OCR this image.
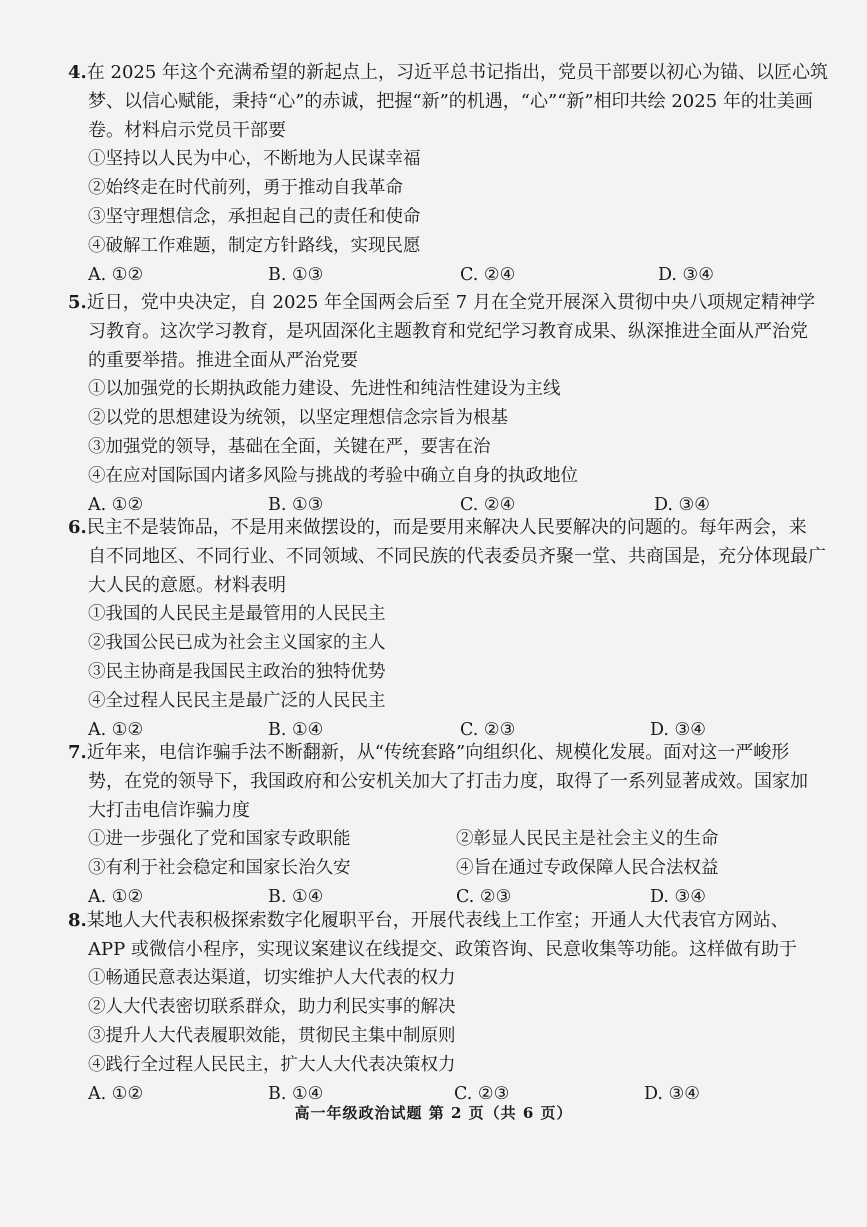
4.在 2025 年这个充满希望的新起点上，习近平总书记指出，党员干部要以初心为锚、以匠心筑
梦、以信心赋能，秉持“心”的赤诚，把握“新”的机遇，“心”“新”相印共绘 2025 年的壮美画
卷。材料启示党员干部要
①坚持以人民为中心，不断地为人民谋幸福
②始终走在时代前列，勇于推动自我革命
③坚守理想信念，承担起自己的责任和使命
④破解工作难题，制定方针路线，实现民愿
A. ①②	B. ①③	C. ②④	D. ③④
5.近日，党中央决定，自 2025 年全国两会后至 7 月在全党开展深入贯彻中央八项规定精神学
习教育。这次学习教育，是巩固深化主题教育和党纪学习教育成果、纵深推进全面从严治党
的重要举措。推进全面从严治党要
①以加强党的长期执政能力建设、先进性和纯洁性建设为主线
②以党的思想建设为统领，以坚定理想信念宗旨为根基
③加强党的领导，基础在全面，关键在严，要害在治
④在应对国际国内诸多风险与挑战的考验中确立自身的执政地位
A. ①②	B. ①③	C. ②④	D. ③④
6.民主不是装饰品，不是用来做摆设的，而是要用来解决人民要解决的问题的。每年两会，来
自不同地区、不同行业、不同领域、不同民族的代表委员齐聚一堂、共商国是，充分体现最广
大人民的意愿。材料表明
①我国的人民民主是最管用的人民民主
②我国公民已成为社会主义国家的主人
③民主协商是我国民主政治的独特优势
④全过程人民民主是最广泛的人民民主
A. ①②	B. ①④	C. ②③	D. ③④
7.近年来，电信诈骗手法不断翻新，从“传统套路”向组织化、规模化发展。面对这一严峻形
势，在党的领导下，我国政府和公安机关加大了打击力度，取得了一系列显著成效。国家加
大打击电信诈骗力度
①进一步强化了党和国家专政职能	②彰显人民民主是社会主义的生命
③有利于社会稳定和国家长治久安	④旨在通过专政保障人民合法权益
A. ①②	B. ①④	C. ②③	D. ③④
8.某地人大代表积极探索数字化履职平台，开展代表线上工作室；开通人大代表官方网站、
APP 或微信小程序，实现议案建议在线提交、政策咨询、民意收集等功能。这样做有助于
①畅通民意表达渠道，切实维护人大代表的权力
②人大代表密切联系群众，助力利民实事的解决
③提升人大代表履职效能，贯彻民主集中制原则
④践行全过程人民民主，扩大人大代表决策权力
A. ①②	B. ①④	C. ②③	D. ③④
高一年级政治试题 第 2 页（共 6 页）
